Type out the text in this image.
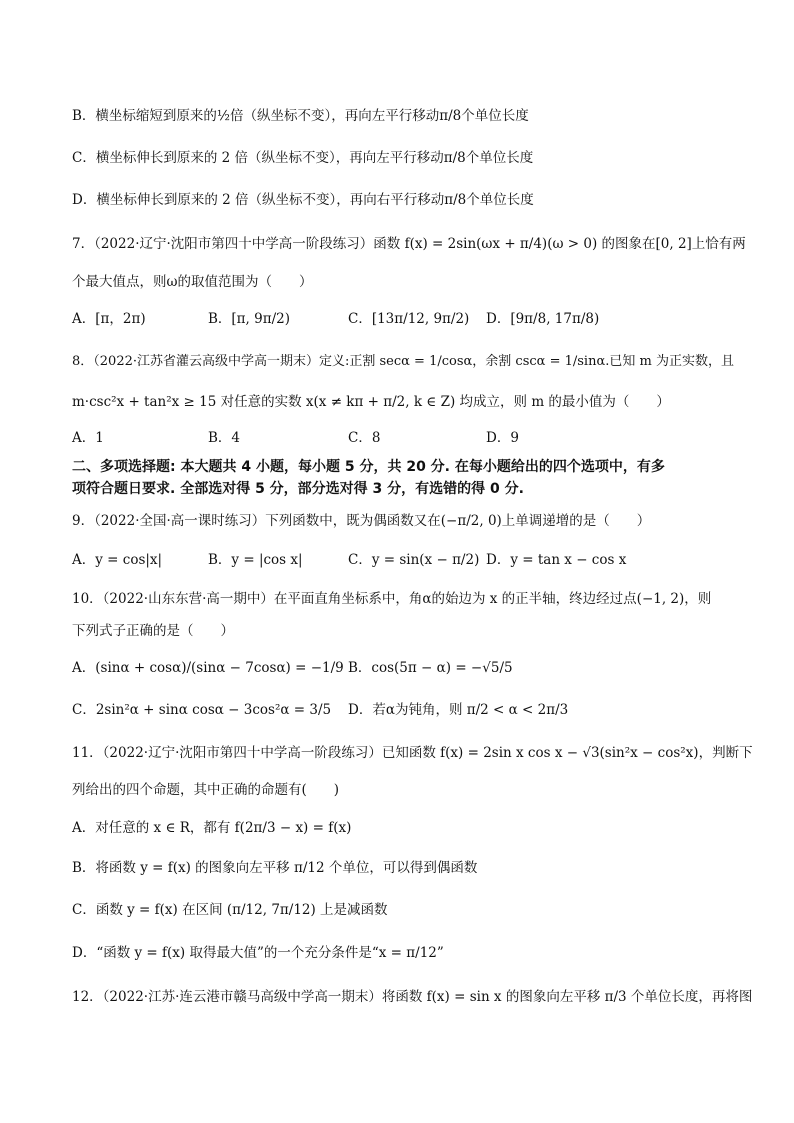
B．横坐标缩短到原来的½倍（纵坐标不变），再向左平行移动π/8个单位长度
C．横坐标伸长到原来的 2 倍（纵坐标不变），再向左平行移动π/8个单位长度
D．横坐标伸长到原来的 2 倍（纵坐标不变），再向右平行移动π/8个单位长度
7．（2022·辽宁·沈阳市第四十中学高一阶段练习）函数 f(x) = 2sin(ωx + π/4)(ω > 0) 的图象在[0, 2]上恰有两
个最大值点，则ω的取值范围为（　　）
A．[π，2π)	B．[π, 9π/2)	C．[13π/12, 9π/2) D．[9π/8, 17π/8)
8．（2022·江苏省灌云高级中学高一期末）定义:正割 secα = 1/cosα，余割 cscα = 1/sinα.已知 m 为正实数，且
m·csc²x + tan²x ≥ 15 对任意的实数 x(x ≠ kπ + π/2, k ∈ Z) 均成立，则 m 的最小值为（　　）
A．1	B．4	C．8	D．9
二、多项选择题: 本大题共 4 小题，每小题 5 分，共 20 分. 在每小题给出的四个选项中，有多
项符合题日要求. 全部选对得 5 分，部分选对得 3 分，有选错的得 0 分.
9．（2022·全国·高一课时练习）下列函数中，既为偶函数又在(−π/2, 0)上单调递增的是（　　）
A．y = cos|x|	B．y = |cos x|	C．y = sin(x − π/2) D．y = tan x − cos x
10．（2022·山东东营·高一期中）在平面直角坐标系中，角α的始边为 x 的正半轴，终边经过点(−1, 2)，则
下列式子正确的是（　　）
A．(sinα + cosα)/(sinα − 7cosα) = −1/9 B．cos(5π − α) = −√5/5
C．2sin²α + sinα cosα − 3cos²α = 3/5 D．若α为钝角，则 π/2 < α < 2π/3
11．（2022·辽宁·沈阳市第四十中学高一阶段练习）已知函数 f(x) = 2sin x cos x − √3(sin²x − cos²x)，判断下
列给出的四个命题，其中正确的命题有(　　)
A．对任意的 x ∈ R，都有 f(2π/3 − x) = f(x)
B．将函数 y = f(x) 的图象向左平移 π/12 个单位，可以得到偶函数
C．函数 y = f(x) 在区间 (π/12, 7π/12) 上是减函数
D．“函数 y = f(x) 取得最大值”的一个充分条件是“x = π/12”
12．（2022·江苏·连云港市赣马高级中学高一期末）将函数 f(x) = sin x 的图象向左平移 π/3 个单位长度，再将图
